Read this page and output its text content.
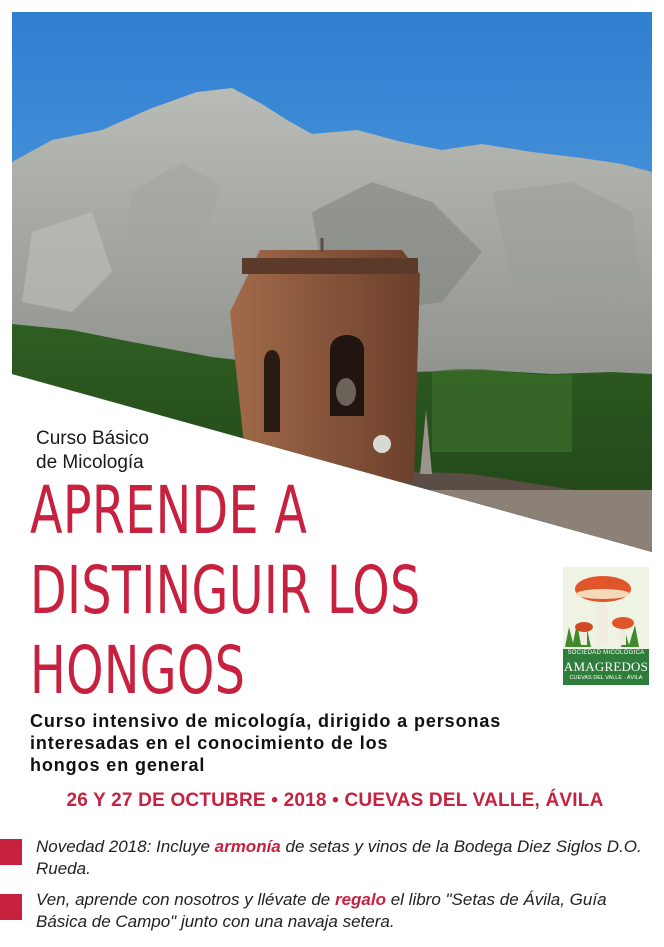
Curso Básico
de Micología
APRENDE A
DISTINGUIR LOS
HONGOS	SOCIEDAD MICOLÓGICA
AMAGREDOS
CUEVAS DEL VALLE · ÁVILA
Curso intensivo de micología, dirigido a personas
interesadas en el conocimiento de los
hongos en general
26 Y 27 DE OCTUBRE • 2018 • CUEVAS DEL VALLE, ÁVILA
Novedad 2018: Incluye armonía de setas y vinos de la Bodega Diez Siglos D.O. Rueda.
Ven, aprende con nosotros y llévate de regalo el libro "Setas de Ávila, Guía Básica de Campo" junto con una navaja setera.
